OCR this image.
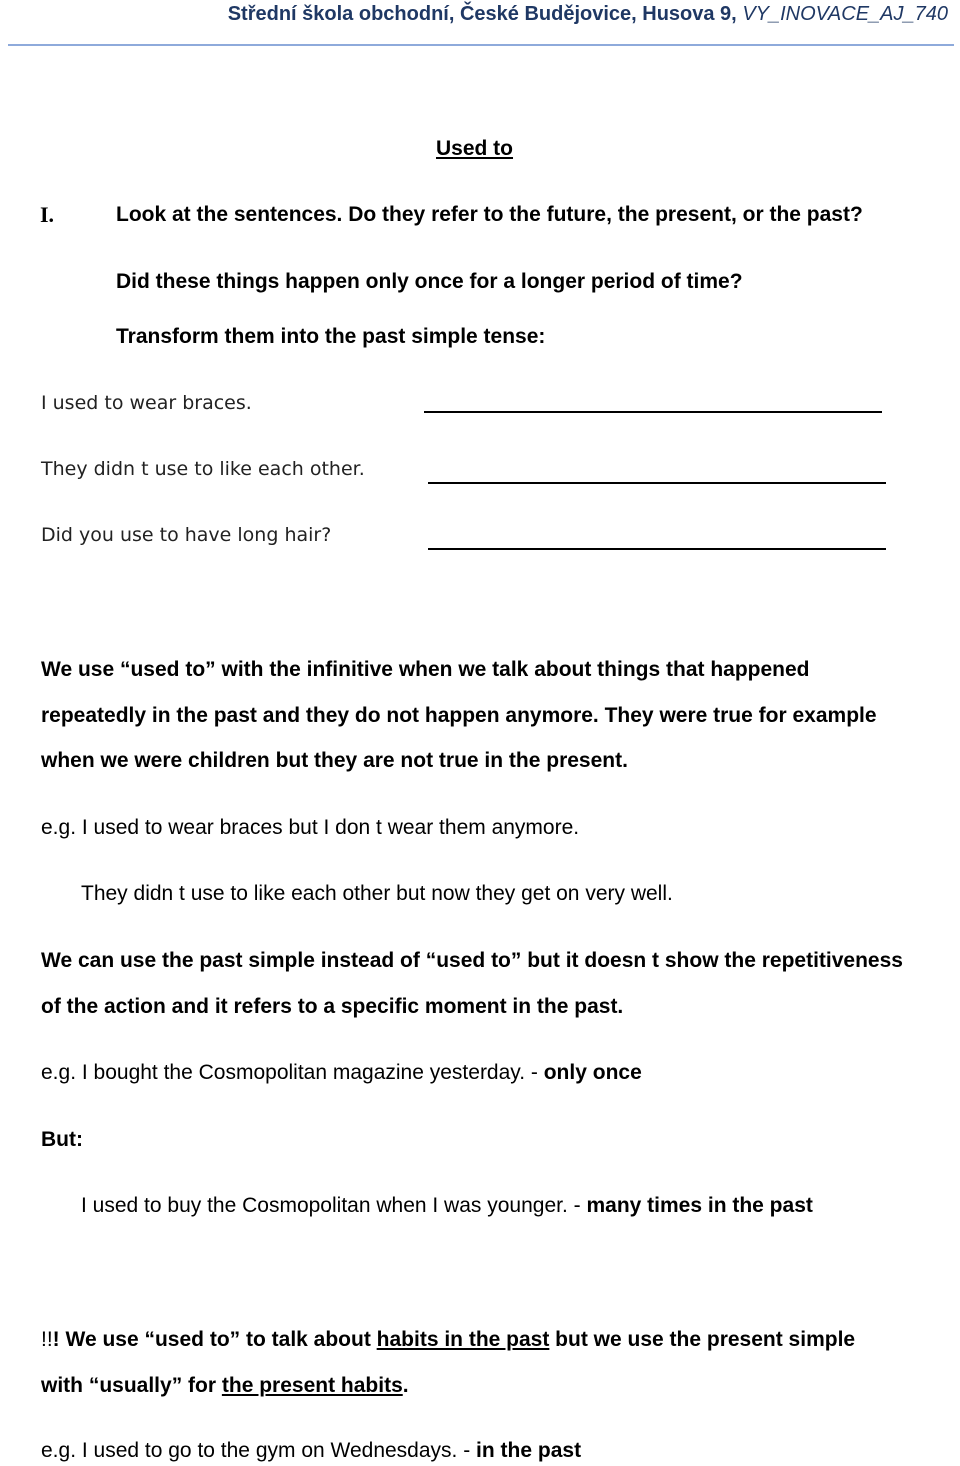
Střední škola obchodní, České Budějovice, Husova 9, VY_INOVACE_AJ_740
Used to
I.	Look at the sentences. Do they refer to the future, the present, or the past?
Did these things happen only once for a longer period of time?
Transform them into the past simple tense:
I used to wear braces.
They didn t use to like each other.
Did you use to have long hair?
We use “used to” with the infinitive when we talk about things that happened
repeatedly in the past and they do not happen anymore. They were true for example
when we were children but they are not true in the present.
e.g. I used to wear braces but I don t wear them anymore.
They didn t use to like each other but now they get on very well.
We can use the past simple instead of “used to” but it doesn t show the repetitiveness
of the action and it refers to a specific moment in the past.
e.g. I bought the Cosmopolitan magazine yesterday. - only once
But:
I used to buy the Cosmopolitan when I was younger. - many times in the past
!!! We use “used to” to talk about habits in the past but we use the present simple
with “usually” for the present habits.
e.g. I used to go to the gym on Wednesdays. - in the past
